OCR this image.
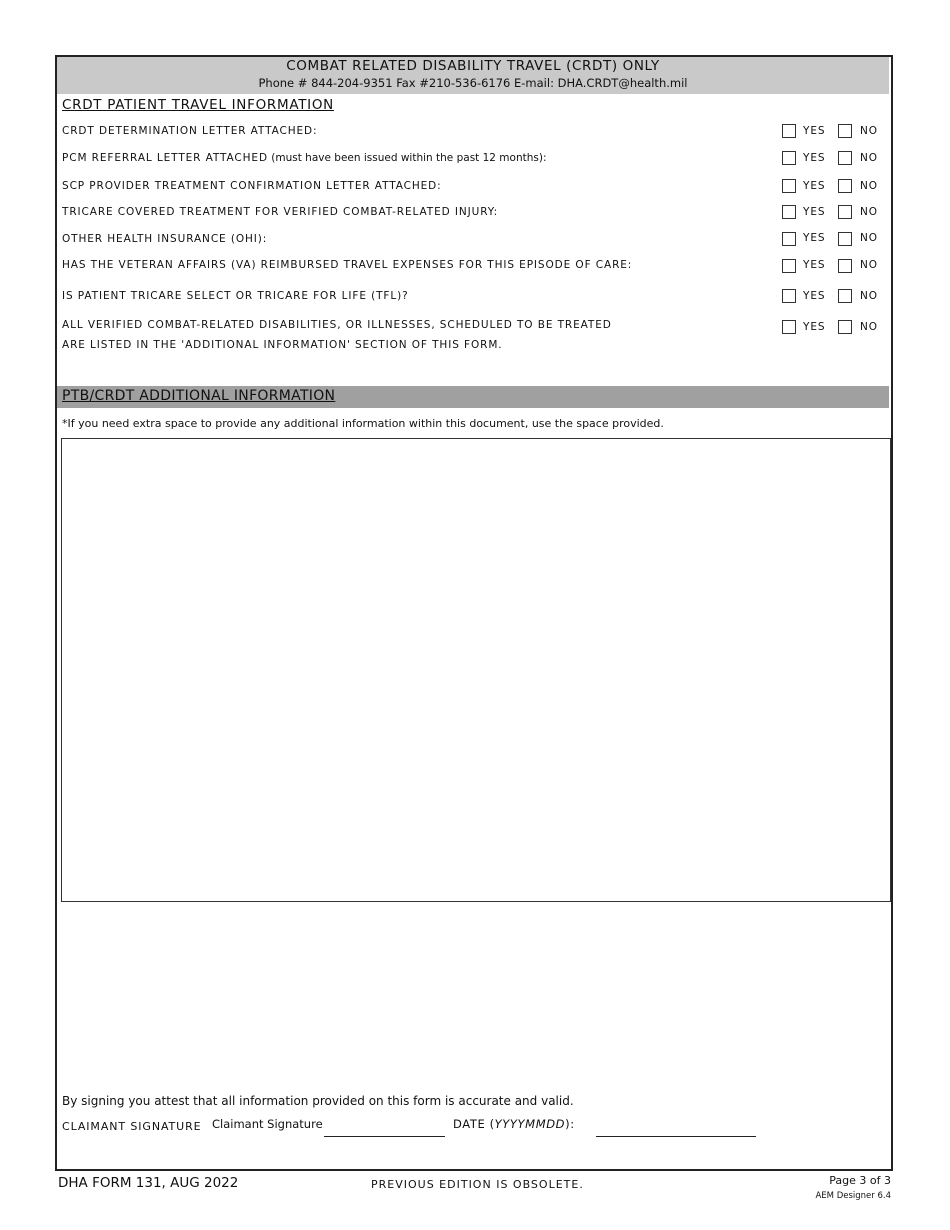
COMBAT RELATED DISABILITY TRAVEL (CRDT) ONLY
Phone # 844-204-9351 Fax #210-536-6176 E-mail: DHA.CRDT@health.mil
CRDT PATIENT TRAVEL INFORMATION
CRDT DETERMINATION LETTER ATTACHED:	YES	NO
PCM REFERRAL LETTER ATTACHED (must have been issued within the past 12 months):	YES	NO
SCP PROVIDER TREATMENT CONFIRMATION LETTER ATTACHED:	YES	NO
TRICARE COVERED TREATMENT FOR VERIFIED COMBAT-RELATED INJURY:	YES	NO
OTHER HEALTH INSURANCE (OHI):	YES	NO
HAS THE VETERAN AFFAIRS (VA) REIMBURSED TRAVEL EXPENSES FOR THIS EPISODE OF CARE:	YES	NO
IS PATIENT TRICARE SELECT OR TRICARE FOR LIFE (TFL)?	YES	NO
ALL VERIFIED COMBAT-RELATED DISABILITIES, OR ILLNESSES, SCHEDULED TO BE TREATED
ARE LISTED IN THE 'ADDITIONAL INFORMATION' SECTION OF THIS FORM.
YES	NO
PTB/CRDT ADDITIONAL INFORMATION
*If you need extra space to provide any additional information within this document, use the space provided.
By signing you attest that all information provided on this form is accurate and valid.
CLAIMANT SIGNATURE Claimant Signature	DATE (YYYYMMDD):
DHA FORM 131, AUG 2022	PREVIOUS EDITION IS OBSOLETE.	Page 3 of 3
AEM Designer 6.4
